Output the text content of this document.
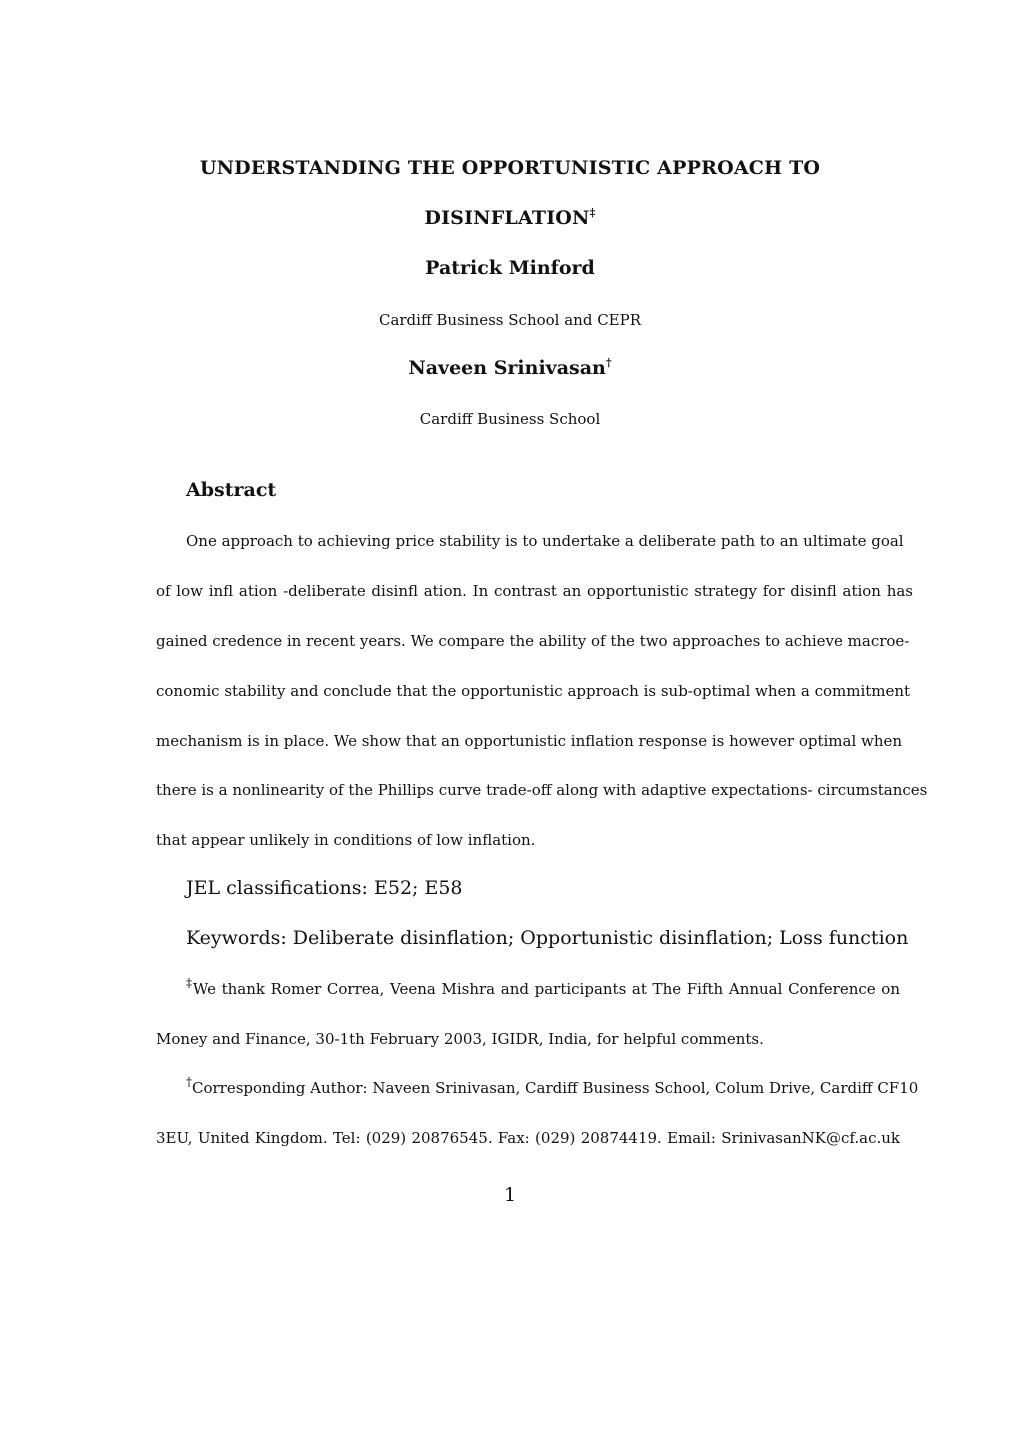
UNDERSTANDING THE OPPORTUNISTIC APPROACH TO
DISINFLATION‡
Patrick Minford
Cardiff Business School and CEPR
Naveen Srinivasan†
Cardiff Business School
Abstract
One approach to achieving price stability is to undertake a deliberate path to an ultimate goal
of low infl ation -deliberate disinfl ation. In contrast an opportunistic strategy for disinfl ation has
gained credence in recent years. We compare the ability of the two approaches to achieve macroe-
conomic stability and conclude that the opportunistic approach is sub-optimal when a commitment
mechanism is in place. We show that an opportunistic inflation response is however optimal when
there is a nonlinearity of the Phillips curve trade-off along with adaptive expectations- circumstances
that appear unlikely in conditions of low inflation.
JEL classifications: E52; E58
Keywords: Deliberate disinflation; Opportunistic disinflation; Loss function
‡We thank Romer Correa, Veena Mishra and participants at The Fifth Annual Conference on
Money and Finance, 30-1th February 2003, IGIDR, India, for helpful comments.
†Corresponding Author: Naveen Srinivasan, Cardiff Business School, Colum Drive, Cardiff CF10
3EU, United Kingdom. Tel: (029) 20876545. Fax: (029) 20874419. Email: SrinivasanNK@cf.ac.uk
1
